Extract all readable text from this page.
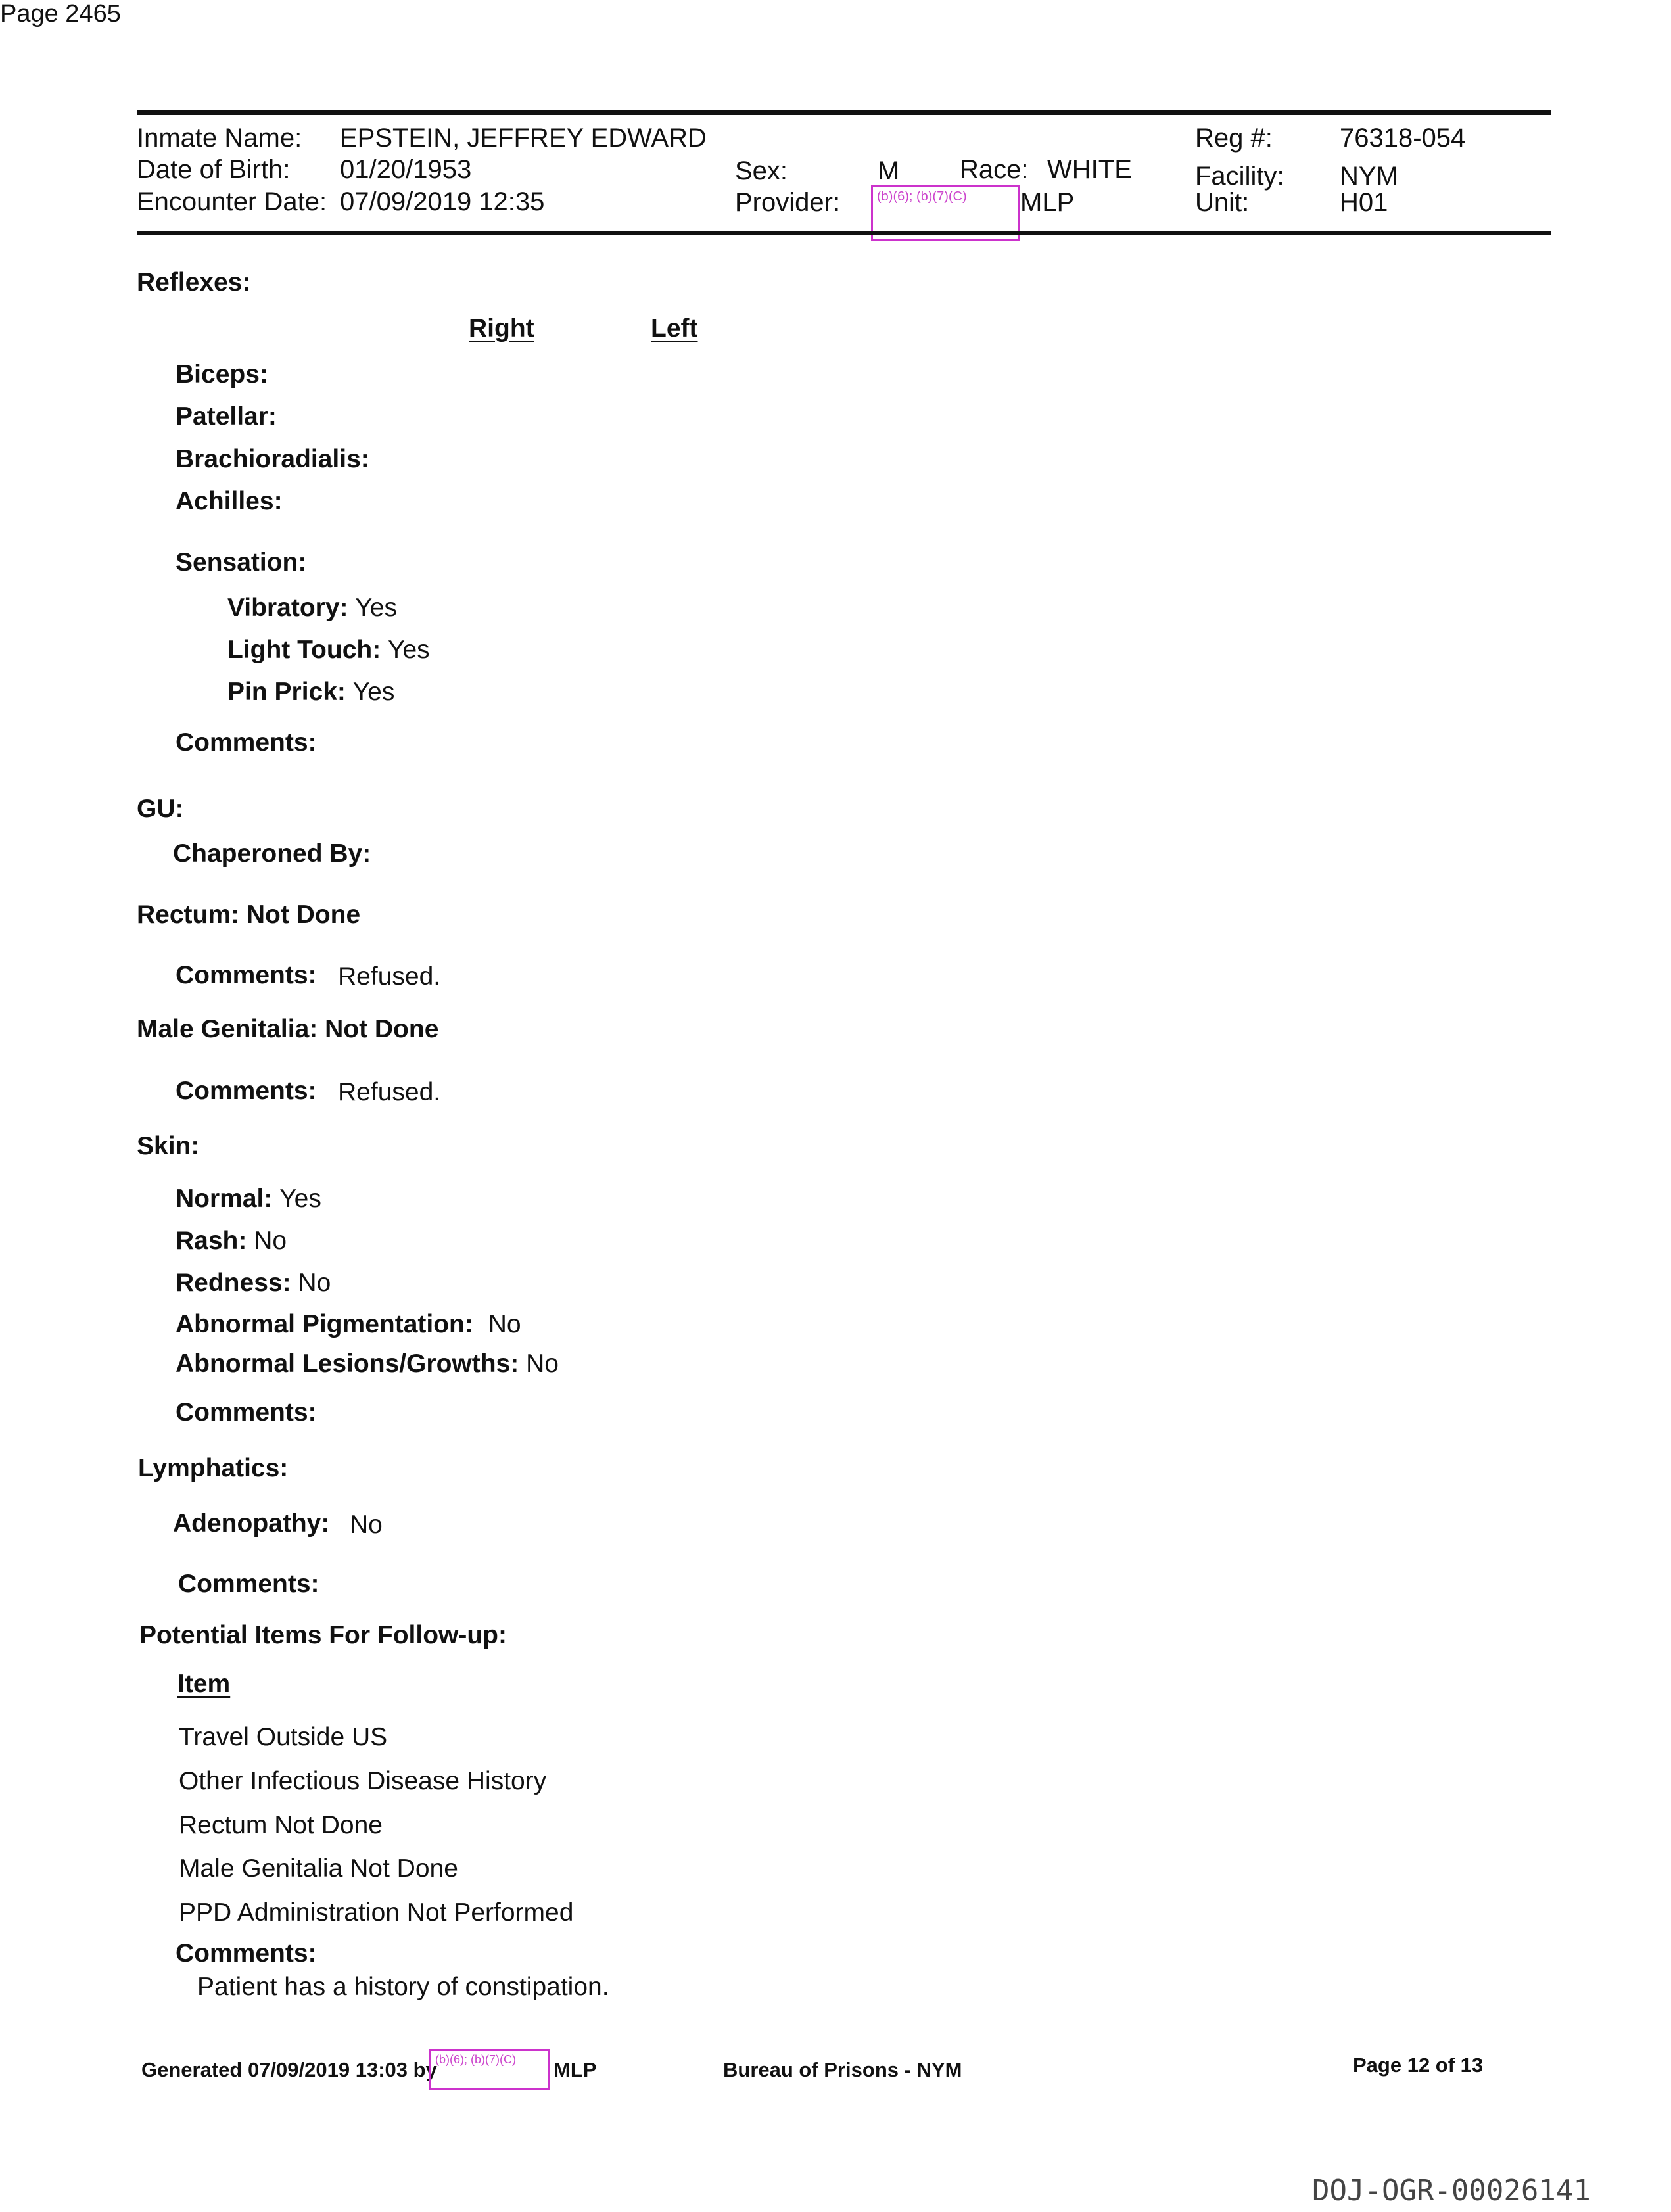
Page 2465
Inmate Name: EPSTEIN, JEFFREY EDWARD
Date of Birth: 01/20/1953
Encounter Date: 07/09/2019 12:35
Sex:	M Race: WHITE
Provider:	(b)(6); (b)(7)(C)	MLP
Reg #:	76318-054
Facility: NYM
Unit:	H01
Reflexes:
Right	Left
Biceps:
Patellar:
Brachioradialis:
Achilles:
Sensation:
Vibratory: Yes
Light Touch: Yes
Pin Prick: Yes
Comments:
GU:
Chaperoned By:
Rectum: Not Done
Comments: Refused.
Male Genitalia: Not Done
Comments: Refused.
Skin:
Normal: Yes
Rash: No
Redness: No
Abnormal Pigmentation: No
Abnormal Lesions/Growths: No
Comments:
Lymphatics:
Adenopathy: No
Comments:
Potential Items For Follow-up:
Item
Travel Outside US
Other Infectious Disease History
Rectum Not Done
Male Genitalia Not Done
PPD Administration Not Performed
Comments:
Patient has a history of constipation.
Generated 07/09/2019 13:03 by
(b)(6); (b)(7)(C)	MLP	Bureau of Prisons - NYM	Page 12 of 13
DOJ-OGR-00026141
